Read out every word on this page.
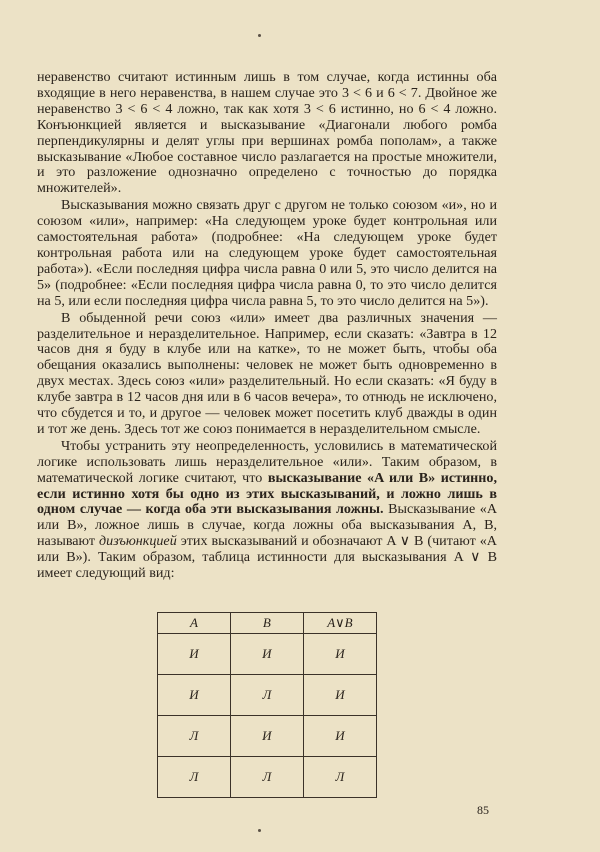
неравенство считают истинным лишь в том случае, когда истинны оба входящие в него неравенства, в нашем случае это 3 < 6 и 6 < 7. Двойное же неравенство 3 < 6 < 4 ложно, так как хотя 3 < 6 истинно, но 6 < 4 ложно. Конъюнкцией является и высказывание «Диагонали любого ромба перпендикулярны и делят углы при вершинах ромба пополам», а также высказывание «Любое составное число разлагается на простые множители, и это разложение однозначно определено с точностью до порядка множителей».

Высказывания можно связать друг с другом не только союзом «и», но и союзом «или», например: «На следующем уроке будет контрольная или самостоятельная работа» (подробнее: «На следующем уроке будет контрольная работа или на следующем уроке будет самостоятельная работа»). «Если последняя цифра числа равна 0 или 5, это число делится на 5» (подробнее: «Если последняя цифра числа равна 0, то это число делится на 5, или если последняя цифра числа равна 5, то это число делится на 5»).

В обыденной речи союз «или» имеет два различных значения — разделительное и неразделительное. Например, если сказать: «Завтра в 12 часов дня я буду в клубе или на катке», то не может быть, чтобы оба обещания оказались выполнены: человек не может быть одновременно в двух местах. Здесь союз «или» разделительный. Но если сказать: «Я буду в клубе завтра в 12 часов дня или в 6 часов вечера», то отнюдь не исключено, что сбудется и то, и другое — человек может посетить клуб дважды в один и тот же день. Здесь тот же союз понимается в неразделительном смысле.

Чтобы устранить эту неопределенность, условились в математической логике использовать лишь неразделительное «или». Таким образом, в математической логике считают, что высказывание «A или B» истинно, если истинно хотя бы одно из этих высказываний, и ложно лишь в одном случае — когда оба эти высказывания ложны. Высказывание «A или B», ложное лишь в случае, когда ложны оба высказывания A, B, называют дизъюнкцией этих высказываний и обозначают A ∨ B (читают «A или B»). Таким образом, таблица истинности для высказывания A ∨ B имеет следующий вид:

A	B	A∨B
И	И	И
И	Л	И
Л	И	И
Л	Л	Л
85
